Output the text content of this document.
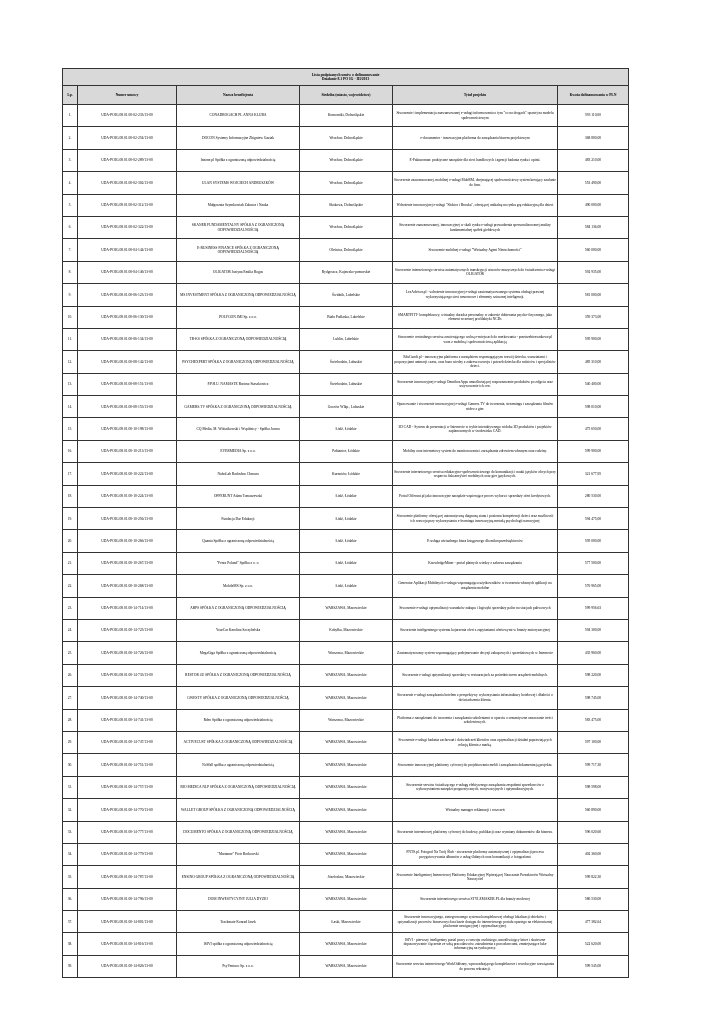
Lista podpisanych umów o dofinansowanie
Działanie 8.1 PO IG - III/2013					

Lp.	Numer umowy	Nazwa beneficjenta	Siedziba (miasto, województwo)	Tytuł projektu	Kwota dofinansowania w PLN
1.	UDA-POIG.08.01.00-02-233/13-00	CONADROGACH PL ANNA KLUBA	Komorniki, Dolnośląskie	Stworzenie i implementacja zaawansowanej e-usługi informowania o tym "co na drogach" opartej na modelu społecznościowym	593 110,00
2.	UDA-POIG.08.01.00-02-254/13-00	DOCON Systemy Informacyjne Zbigniew Gaziak	Wrocław, Dolnośląskie	e-documenter - innowacyjna platforma do zarządzania biurem projektowym	368 800,00
3.	UDA-POIG.08.01.00-02-289/13-00	Inzone.pl Spółka z ograniczoną odpowiedzialnością	Wrocław, Dolnośląskie	E-Fakturoman: praktyczne narzędzie dla sieci handlowych i agencji badania rynku i opinii.	483 210,00
4.	UDA-POIG.08.01.00-02-302/13-00	ULAN SYSTEMS WOJCIECH ANDRUSZKÓW	Wrocław, Dolnośląskie	Stworzenie zaawansowanej, mobilnej e-usługi MobRM, obejmującej społecznościowy system kreujący zaufanie do firm.	553 490,00
5.	UDA-POIG.08.01.00-02-312/13-00	Małgorzata Szymkowiak Zabawa i Nauka	Skokowa, Dolnośląskie	Wdrożenie innowacyjnej e-usługi "Sloktor i Brouka", oferującej unikalną na rynku grę edukacyjną dla dzieci	490 000,00
6.	UDA-POIG.08.01.00-02-322/13-00	SKANER FUNDAMENTALNY SPÓŁKA Z OGRANICZONĄ ODPOWIEDZIALNOŚCIĄ	Wrocław, Dolnośląskie	Stworzenie zaawansowanej, innowacyjnej w skali rynku e-usługi prowadzenia spersonalizowanej analizy fundamentalnej spółek giełdowych	584 136,00
7.	UDA-POIG.08.01.00-04-144/13-00	E-BUSINESS FINANCE SPÓŁKA Z OGRANICZONĄ ODPOWIEDZIALNOŚCIĄ	Oleśnica, Dolnośląskie	Stworzenie mobilnej e-usługi "Wirtualny Agent Nieruchomości"	560 000,00
8.	UDA-POIG.08.01.00-04-146/13-00	OLIGATOR Justyna Emilia Rogus	Bydgoszcz, Kujawsko-pomorskie	Stworzenie internetowego serwisu automatycznych transkrypcji utworów muzycznych do świadczenia e-usługi OLIGATOR	592 935,00
9.	UDA-POIG.08.01.00-06-123/13-00	MS INVESTMENT SPÓŁKA Z OGRANICZONĄ ODPOWIEDZIALNOŚCIĄ	Świdnik, Lubelskie	LexAdvisor.pl - wdrożenie innowacyjnej e-usługi zautomatyzowanego systemu obsługi prawnej wykorzystującego sieci neuronowe i elementy sztucznej inteligencji.	581 000,00
10.	UDA-POIG.08.01.00-06-130/13-00	POLYGON JMI Sp. z o.o.	Biała Podlaska, Lubelskie	SMARTFITT- kompleksowy, wirtualny doradca personalny w zakresie dobierania psycho-fizycznego, jako element wczesnej profilaktyki NCDs	359 373,00
11.	UDA-POIG.08.01.00-06-134/13-00	TB-KS SPÓŁKA Z OGRANICZONĄ ODPOWIEDZIALNOŚCIĄ	Lublin, Lubelskie	Stworzenie centralnego serwisu zawierającego wolną e-miejscach do merkowania - przetrzebiezwnkowe.pl wraz z mobilną i społecznościową aplikacją	595 900,00
12.	UDA-POIG.08.01.00-08-142/13-00	PSYCHEXPERT SPÓŁKA Z OGRANICZONĄ ODPOWIEDZIALNOŚCIĄ	Świebodzin, Lubuskie	EduCundi.pl - innowacyjna platforma z narzędziem wspomagającym rozwój dziecka, warsztatami i propozycjami animacji czasu, oraz baza wiedzy z zakresu rozwoju i potrzeb dziecka dla rodziców i specjalistów dzieci.	485 310,00
13.	UDA-POIG.08.01.00-08-151/13-00	P.P.H.U. NAMASTE Bartosz Staszkowicz	Świebodzin, Lubuskie	Stworzenie innowacyjnej e-usługi OmniboxApps umożliwiającej rozpoznawanie produktów po zdjęciu oraz ustywowanie ich cen.	540 400,00
14.	UDA-POIG.08.01.00-08-153/13-00	GAMERS.TV SPÓŁKA Z OGRANICZONĄ ODPOWIEDZIALNOŚCIĄ	Gorzów Wlkp., Lubuskie	Opracowanie i stworzenie innowacyjnej e-usługi Gamers.TV do tworzenia, streamingu i zarządzania filmów wideo z gier.	598 010,00
15.	UDA-POIG.08.01.00-10-198/13-00	CQ Media, M. Wóitaikowski i Wspólnicy - Spółka Jawna	Łódź, Łódzkie	3D CAD - System do prezentacji w Internecie w trybie interaktywnego widoku 3D produktów i projektów zaplanowanych w środowisku CAD.	475 650,00
16.	UDA-POIG.08.01.00-10-213/13-00	EVERMEDIA Sp. z o.o.	Pabianice, Łódzkie	Mobilny oraz internetowy system do monitorowania i zarządzania zdrowiem własnym oraz rodziny.	599 900,00
17.	UDA-POIG.08.01.00-10-222/13-00	NuboLab Radosław Chmura	Kurnotów, Łódzkie	Stworzenie internetowego serwisu edukacyjno-społecznościowego do komunikacji i nauki języków obcych przy wsparciu fiskcanej/sieć mobilnych oraz gier językowych.	321 677,95
18.	UDA-POIG.08.01.00-10-224/13-00	OFFERUNT Adam Tomaszewski	Łódź, Łódzkie	Portal Offerunt.pl jako innowacyjne narzędzie wspierające proces wyboru i sprzedaży ofert kredytowych.	280 530,00
19.	UDA-POIG.08.01.00-10-256/13-00	Fundacja Dar Edukacji	Łódź, Łódzkie	Stworzenie platformy oferującej automatyczną diagnozę stanu i poziomu kompetencji dzieci oraz możliwość ich rozwoju przy wykorzystaniu e-learningu innowacyjną metodą psychologii narracyjnej	594 475,00
20.	UDA-POIG.08.01.00-10-266/13-00	Quanta Spółka z ograniczoną odpowiedzialnością	Łódź, Łódzkie	E-usługa wirtualnego biura księgowego dla mikroprzedsiębiorców	595 000,00
21.	UDA-POIG.08.01.00-10-267/13-00	"Fenix Poland" Spółka z o. o.	Łódź, Łódzkie	KnowledgeMiner - portal płatnych wiedzy z zakresu zarządzania	577 500,00
22.	UDA-POIG.08.01.00-10-268/13-00	MobileMS Sp. z o.o.	Łódź, Łódzkie	Generator Aplikacji Mobilnych e-usługa wspomagająca użytkowników w tworzeniu własnych aplikacji na urządzenia mobilne	576 965,00
23.	UDA-POIG.08.01.00-14-714/13-00	ABPS SPÓŁKA Z OGRANICZONĄ ODPOWIEDZIALNOŚCIĄ	WARSZAWA, Mazowieckie	Stworzenie e-usługi optymalizacji warunków zakupu i logistyki sprzedaży paliw na stacjach paliwowych	599 956,63
24.	UDA-POIG.08.01.00-14-725/13-00	YourCar Karolina Szczybelska	Kobyłka, Mazowieckie	Stworzenie inteligentnego systemu kojarzenia ofert z zapytaniami ofertowymi w branży motoryzacyjnej	594 300,00
25.	UDA-POIG.08.01.00-14-726/13-00	MegaGiga Spółka z ograniczoną odpowiedzialnością	Warszawa, Mazowieckie	Zautomatyzowany system wspomagający podejmowanie decyzji zakupowych i sprzedażowych w Internecie	435 960,00
26.	UDA-POIG.08.01.00-14-733/13-00	RESTOR 4U SPÓŁKA Z OGRANICZONĄ ODPOWIEDZIALNOŚCIĄ	WARSZAWA, Mazowieckie	Stworzenie e-usługi optymalizacji sprzedaży w restauracjach za pośrednictwem urządzeń mobilnych.	598 220,00
27.	UDA-POIG.08.01.00-14-740/13-00	GWESTY SPÓŁKA Z OGRANICZONĄ ODPOWIEDZIALNOŚCIĄ	WARSZAWA, Mazowieckie	Stworzenie e-usługi zarządzania hotelem z perspektywy wykorzystania infrastruktury hotelowej i dbałości o doświadczenia klienta.	598 745,00
28.	UDA-POIG.08.01.00-14-741/13-00	Rdeo Spółka z ograniczoną odpowiedzialnością	Warszawa, Mazowieckie	Platforma z narzędziami do tworzenia i zarządzania szkoleniami w oparciu o semantyczne oznaczanie treści szkoleniowych.	583 475,00
29.	UDA-POIG.08.01.00-14-747/13-00	ACTIVECUST SPÓŁKA Z OGRANICZONĄ ODPOWIEDZIALNOŚCIĄ	WARSZAWA, Mazowieckie	Stworzenie e-usługi badania zachowań i doświadczeń klientów oraz optymalizacji działań poprawiających relację klienta z marką.	597 100,00
30.	UDA-POIG.08.01.00-14-751/13-00	NoWall spółka z ograniczoną odpowiedzialnością	WARSZAWA, Mazowieckie	Stworzenie innowacyjnej platformy cyfrowej do projektowania mebli i zarządzania dokumentacją projektu.	599 717,30
31.	UDA-POIG.08.01.00-14-757/13-00	BIO MEDICA NLP SPÓŁKA Z OGRANICZONĄ ODPOWIEDZIALNOŚCIĄ	WARSZAWA, Mazowieckie	Stworzenie serwisu świadczącego e-usługę efektywnego zarządzania zespołami sprzedawców z wykorzystaniem narzędzi prognostycznych, motywacyjnych i optymalizacyjnych.	598 598,00
32.	UDA-POIG.08.01.00-14-770/13-00	WALLET GROUP SPÓŁKA Z OGRANICZONĄ ODPOWIEDZIALNOŚCIĄ	WARSZAWA, Mazowieckie	Wirtualny manager reklamacji i roszczeń	560 890,00
33.	UDA-POIG.08.01.00-14-777/13-00	DOCUMENTO SPÓŁKA Z OGRANICZONĄ ODPOWIEDZIALNOŚCIĄ	WARSZAWA, Mazowieckie	Stworzenie internetowej platformy cyfrowej do budowy, publikacji oraz wymiany dokumentów dla biznesu.	596 020,60
34.	UDA-POIG.08.01.00-14-779/13-00	"Marianne" Piotr Borkowski	WARSZAWA, Mazowieckie	FNTS.pl. Fotograf Na Twój Ślub - stworzenie platformy automatycznej i optymalizacji procesu przygotowywania albumów z usług ślubnych oraz komunikacji z fotografami	402 360,00
35.	UDA-POIG.08.01.00-14-787/13-00	ENSINO GROUP SPÓŁKA Z OGRANICZONĄ ODPOWIEDZIALNOŚCIĄ	Józefosław, Mazowieckie	Stworzenie Inteligentnej Internetowej Platformy Edukacyjnej Wpierającej Nauczanie Przeaktorów Wirtualny Nauczyciel	599 822,30
36.	UDA-POIG.08.01.00-14-796/13-00	DOM INWESTYCYJNY JULIA DYZIO	WARSZAWA, Mazowieckie	Stworzenie internetowego serwisu STYLEMAKER.PL dla branży modowej	586 530,00
37.	UDA-POIG.08.01.00-14-801/13-00	Trackmate Konrad Jasek	Łaski, Mazowieckie	Stworzenie innowacyjnego, zintegrowanego systemu kompleksowej obsługi lokalizacji obiektów i optymalizacji procesów biznesowych na bazie dostępu do internetowego portalu opartego na elektronicznej platformie nawigacyjnej i optymalizacyjnej.	477 382,64
38.	UDA-POIG.08.01.00-14-816/13-00	ISIVI spółka z ograniczoną odpowiedzialnością	WARSZAWA, Mazowieckie	ISIVI - pierwszy inteligentny portal pracy z rozwoju osobistego, umożliwiający łatwe i skuteczne dopasowywanie i łączenie ze sobą pracodawców, zatrudnienia z pracodawcami, zmniejszające luke informacyjną na rynku pracy.	522 620,00
39.	UDA-POIG.08.01.00-14-826/13-00	PsyVentuco Sp. z o.o.	WARSZAWA, Mazowieckie	Stworzenie serwisu internetowego WorkOddsney, wprowadzającego kompleksowe i rewolucyjne rozwiązania do procesu rekrutacji.	599 545,00
